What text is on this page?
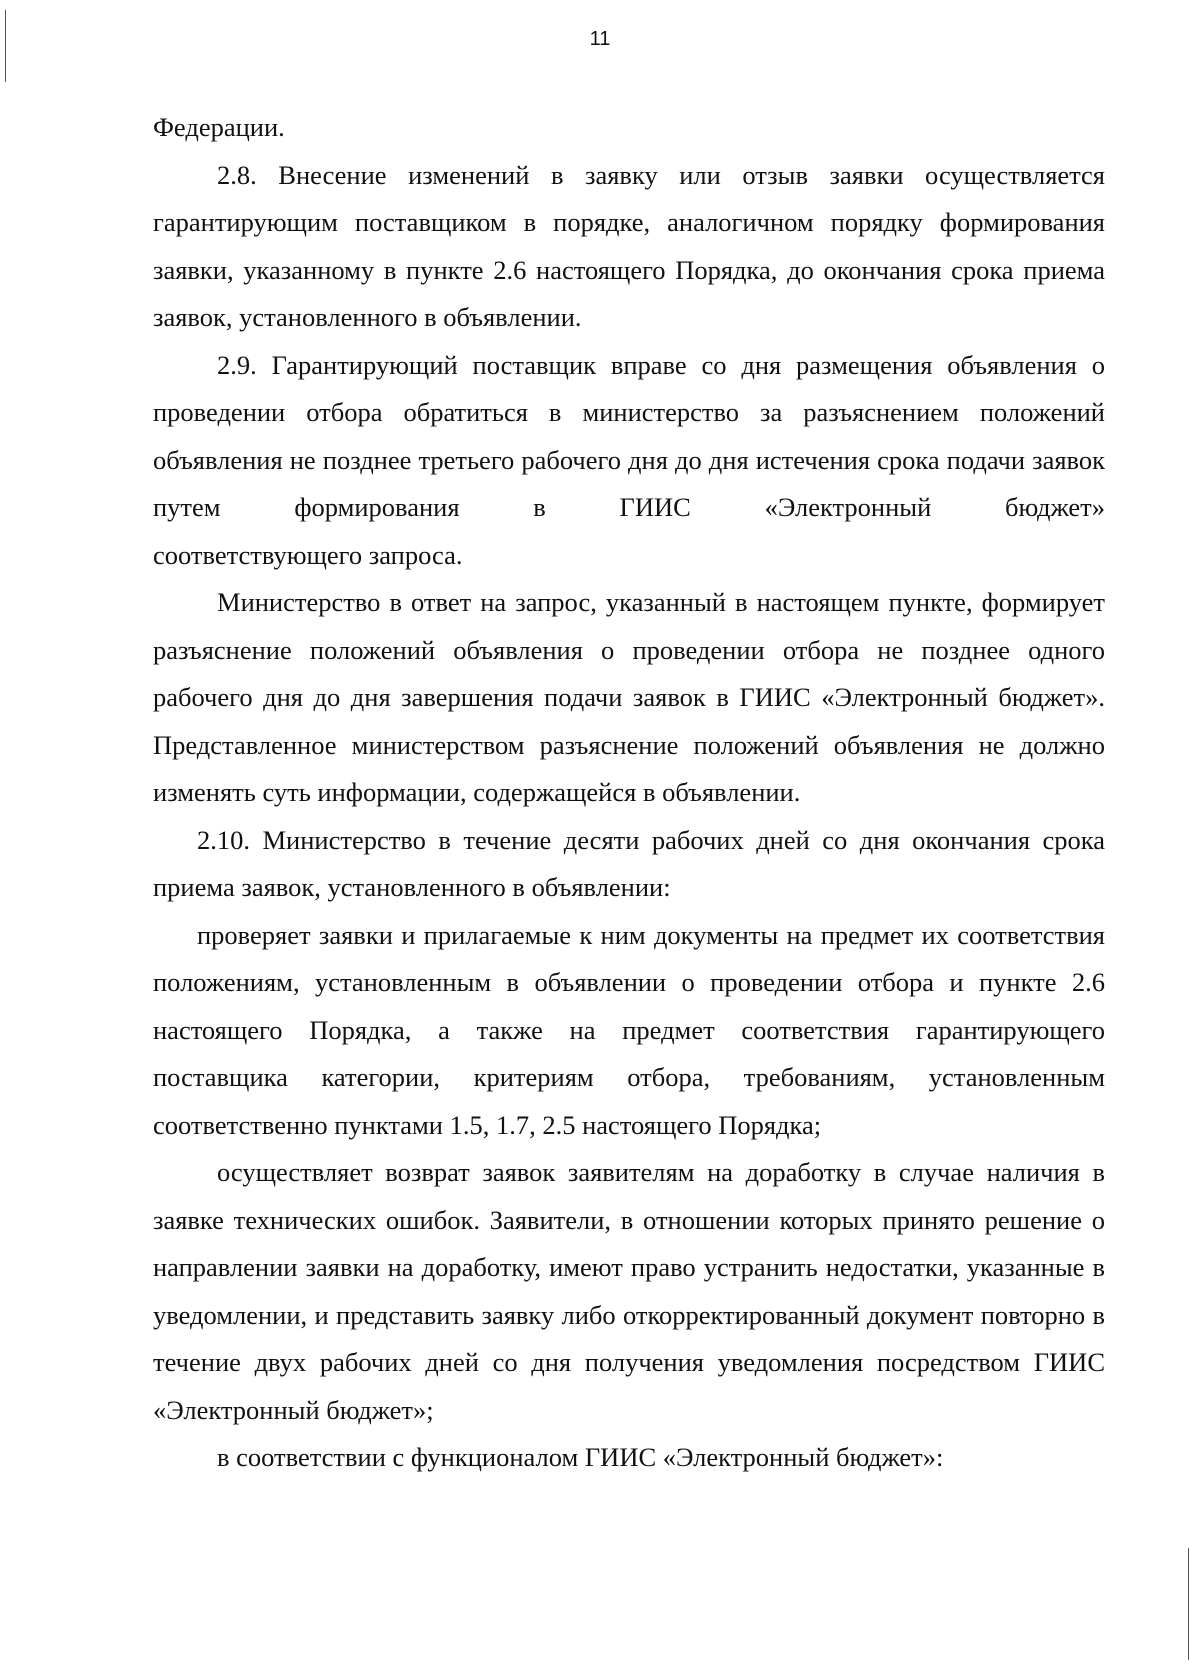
11

Федерации.

2.8. Внесение изменений в заявку или отзыв заявки осуществляется гарантирующим поставщиком в порядке, аналогичном порядку формирования заявки, указанному в пункте 2.6 настоящего Порядка, до окончания срока приема заявок, установленного в объявлении.

2.9. Гарантирующий поставщик вправе со дня размещения объявления о проведении отбора обратиться в министерство за разъяснением положений объявления не позднее третьего рабочего дня до дня истечения срока подачи заявок путем формирования в ГИИС «Электронный бюджет»

соответствующего запроса.

Министерство в ответ на запрос, указанный в настоящем пункте, формирует разъяснение положений объявления о проведении отбора не позднее одного рабочего дня до дня завершения подачи заявок в ГИИС «Электронный бюджет». Представленное министерством разъяснение положений объявления не должно изменять суть информации, содержащейся в объявлении.

2.10. Министерство в течение десяти рабочих дней со дня окончания срока приема заявок, установленного в объявлении:

проверяет заявки и прилагаемые к ним документы на предмет их соответствия положениям, установленным в объявлении о проведении отбора и пункте 2.6 настоящего Порядка, а также на предмет соответствия гарантирующего поставщика категории, критериям отбора, требованиям, установленным соответственно пунктами 1.5, 1.7, 2.5 настоящего Порядка;

осуществляет возврат заявок заявителям на доработку в случае наличия в заявке технических ошибок. Заявители, в отношении которых принято решение о направлении заявки на доработку, имеют право устранить недостатки, указанные в уведомлении, и представить заявку либо откорректированный документ повторно в течение двух рабочих дней со дня получения уведомления посредством ГИИС «Электронный бюджет»;

в соответствии с функционалом ГИИС «Электронный бюджет»:
